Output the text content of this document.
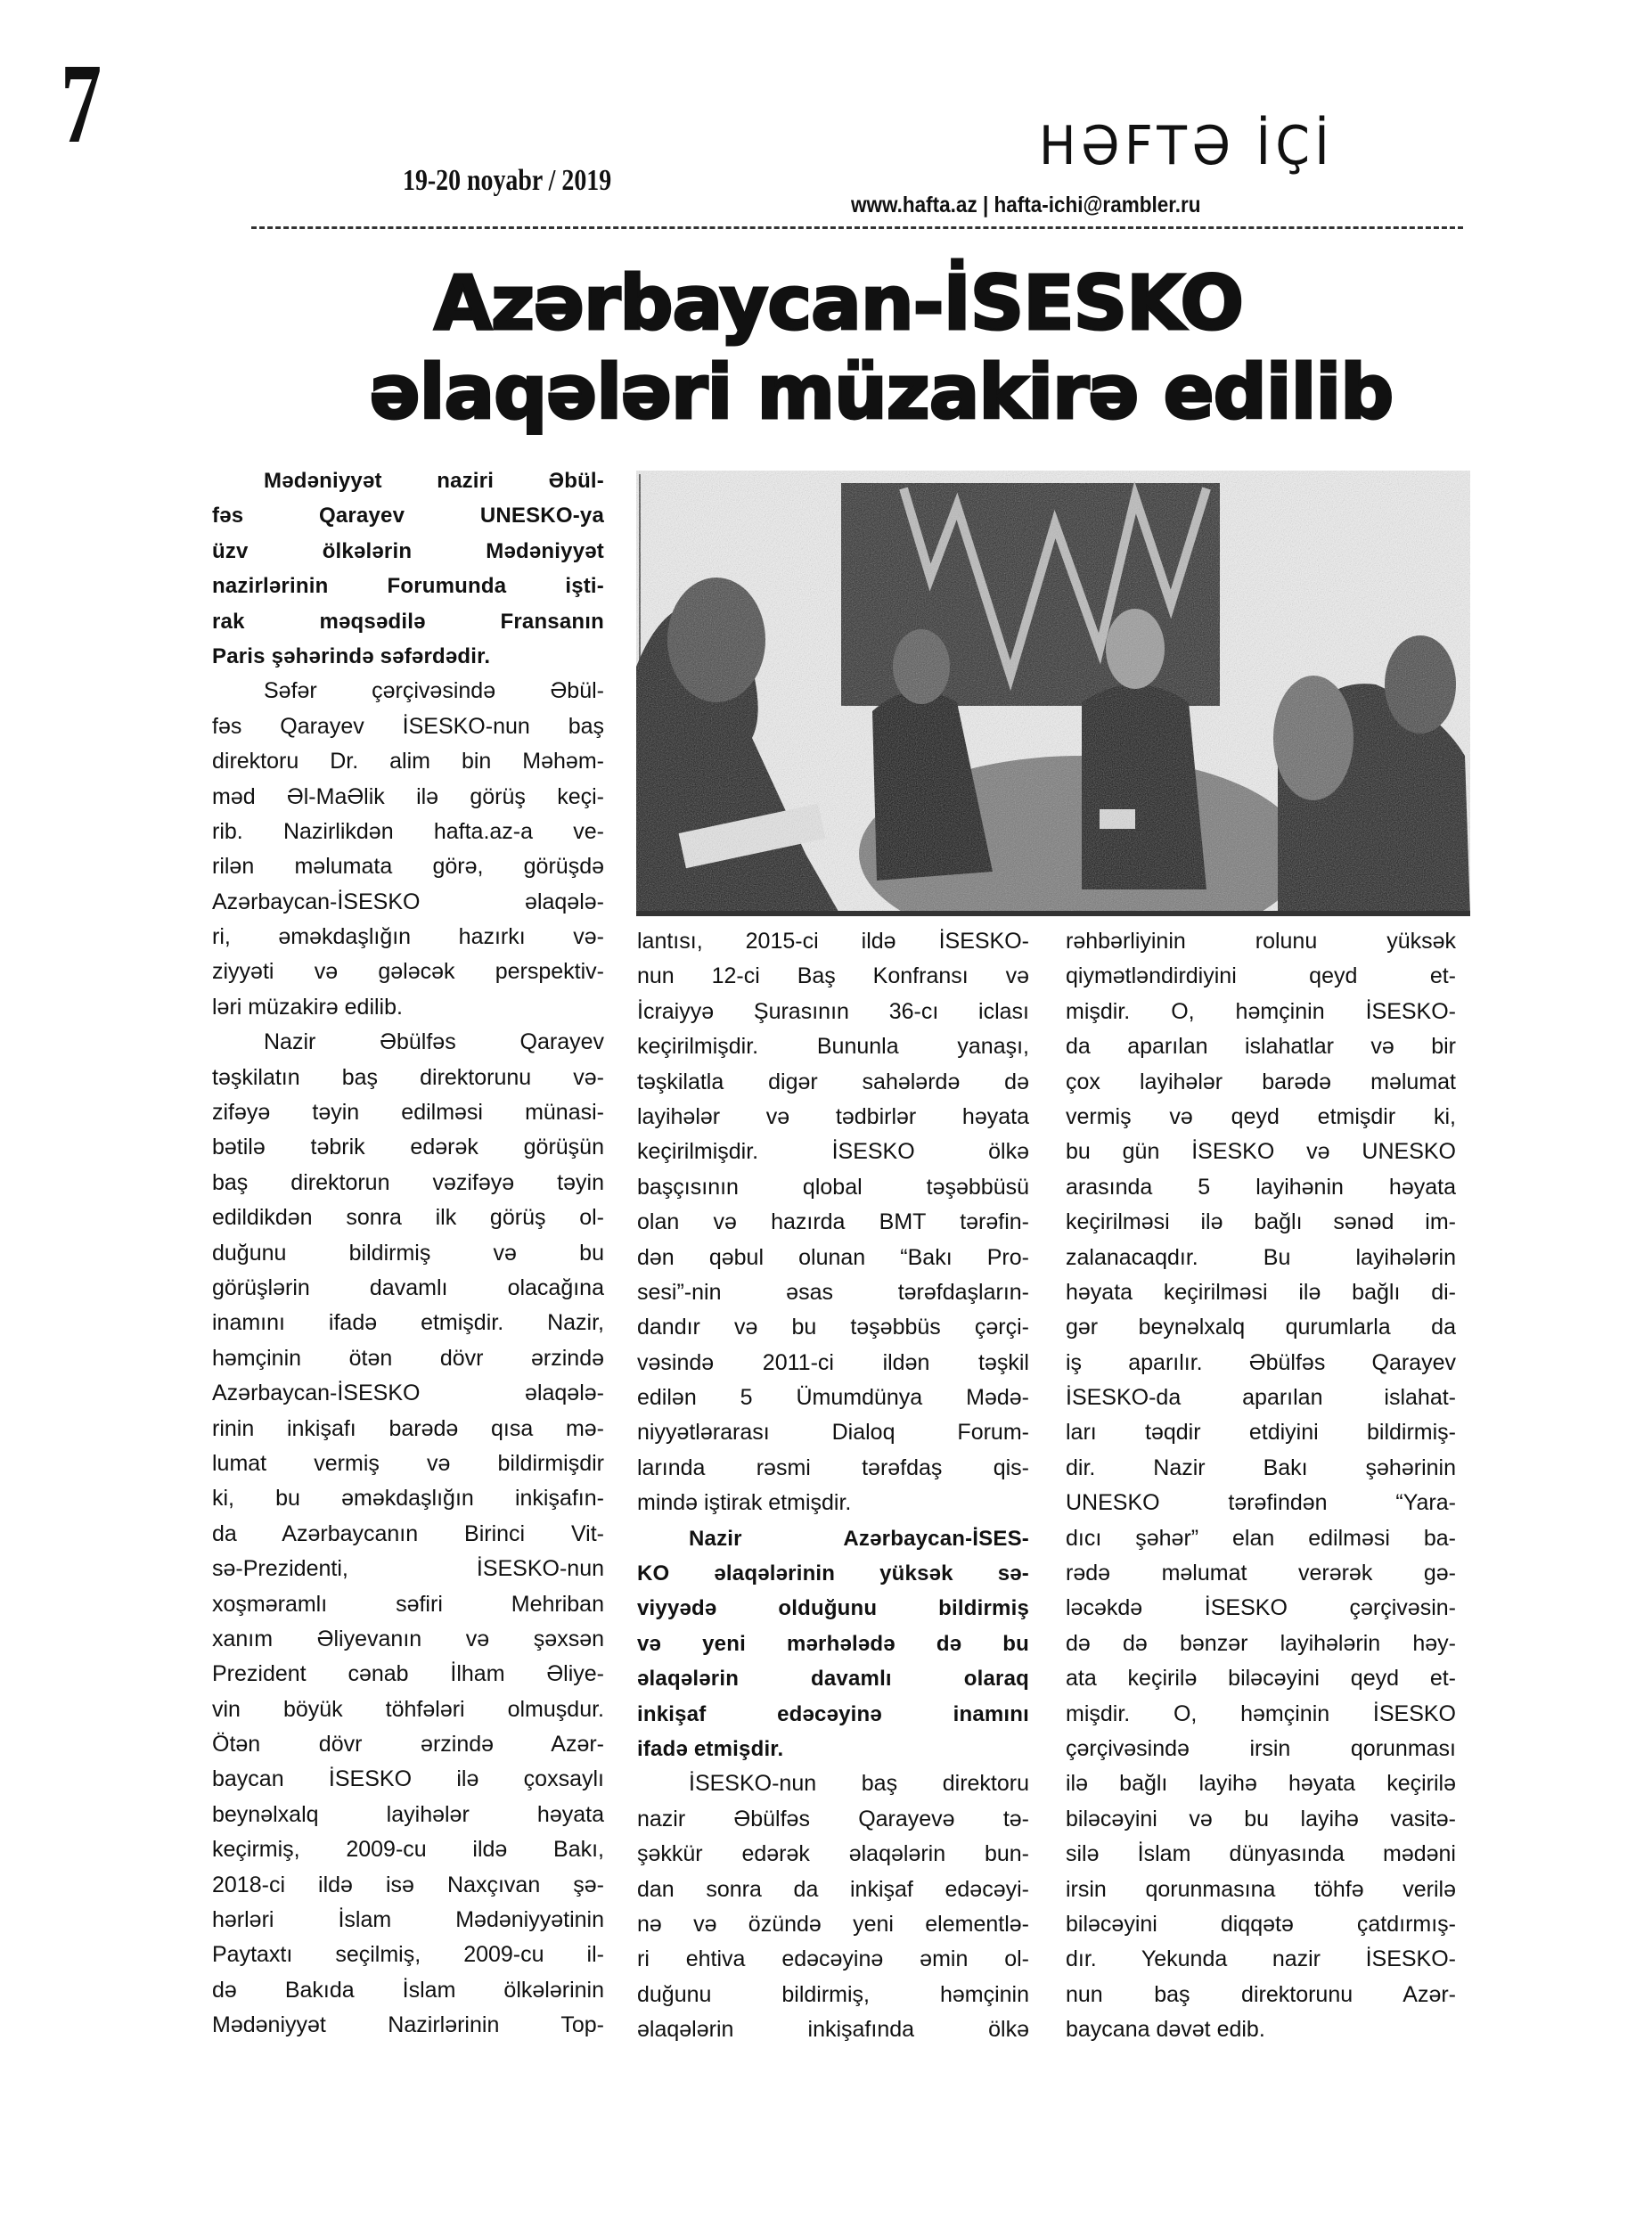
7
19-20 noyabr / 2019
HƏFTƏ İÇİ
www.hafta.az | hafta-ichi@rambler.ru
Azərbaycan-İSESKO
əlaqələri müzakirə edilib
Mədəniyyət nazirі Əbül-
fəs Qarayev UNESKO-ya
üzv ölkələrin Mədəniyyət
nazirlərinin Forumunda işti-
rak məqsədilə Fransanın
Paris şəhərində səfərdədir.
Səfər çərçivəsində Əbül-
fəs Qarayev İSESKO-nun baş
direktoru Dr. alim bin Məhəm-
məd Əl-MaƏlik ilə görüş keçi-
rib. Nazirlikdən hafta.az-a ve-
rilən məlumata görə, görüşdə
Azərbaycan-İSESKO əlaqələ-
ri, əməkdaşlığın hazırkı və-
ziyyəti və gələcək perspektiv-
ləri müzakirə edilib.
Nazir Əbülfəs Qarayev
təşkilatın baş direktorunu və-
zifəyə təyin edilməsi münasi-
bətilə təbrik edərək görüşün
baş direktorun vəzifəyə təyin
edildikdən sonra ilk görüş ol-
duğunu bildirmiş və bu
görüşlərin davamlı olacağına
inamını ifadə etmişdir. Nazir,
həmçinin ötən dövr ərzində
Azərbaycan-İSESKO əlaqələ-
rinin inkişafı barədə qısa mə-
lumat vermiş və bildirmişdir
ki, bu əməkdaşlığın inkişafın-
da Azərbaycanın Birinci Vit-
sə-Prezidenti, İSESKO-nun
xoşməramlı səfiri Mehriban
xanım Əliyevanın və şəxsən
Prezident cənab İlham Əliye-
vin böyük töhfələri olmuşdur.
Ötən dövr ərzində Azər-
baycan İSESKO ilə çoxsaylı
beynəlxalq layihələr həyata
keçirmiş, 2009-cu ildə Bakı,
2018-ci ildə isə Naxçıvan şə-
hərləri İslam Mədəniyyətinin
Paytaxtı seçilmiş, 2009-cu il-
də Bakıda İslam ölkələrinin
Mədəniyyət Nazirlərinin Top-
lantısı, 2015-ci ildə İSESKO-
nun 12-ci Baş Konfransı və
İcraiyyə Şurasının 36-cı iclası
keçirilmişdir. Bununla yanaşı,
təşkilatla digər sahələrdə də
layihələr və tədbirlər həyata
keçirilmişdir. İSESKO ölkə
başçısının qlobal təşəbbüsü
olan və hazırda BMT tərəfin-
dən qəbul olunan “Bakı Pro-
sesi”-nin əsas tərəfdaşların-
dandır və bu təşəbbüs çərçi-
vəsində 2011-ci ildən təşkil
edilən 5 Ümumdünya Mədə-
niyyətlərarası Dialoq Forum-
larında rəsmi tərəfdaş qis-
mində iştirak etmişdir.
Nazir Azərbaycan-İSES-
KO əlaqələrinin yüksək sə-
viyyədə olduğunu bildirmiş
və yeni mərhələdə də bu
əlaqələrin davamlı olaraq
inkişaf edəcəyinə inamını
ifadə etmişdir.
İSESKO-nun baş direktoru
nazir Əbülfəs Qarayevə tə-
şəkkür edərək əlaqələrin bun-
dan sonra da inkişaf edəcəyi-
nə və özündə yeni elementlə-
ri ehtiva edəcəyinə əmin ol-
duğunu bildirmiş, həmçinin
əlaqələrin inkişafında ölkə
rəhbərliyinin rolunu yüksək
qiymətləndirdiyini qeyd et-
mişdir. O, həmçinin İSESKO-
da aparılan islahatlar və bir
çox layihələr barədə məlumat
vermiş və qeyd etmişdir ki,
bu gün İSESKO və UNESKO
arasında 5 layihənin həyata
keçirilməsi ilə bağlı sənəd im-
zalanacaqdır. Bu layihələrin
həyata keçirilməsi ilə bağlı di-
gər beynəlxalq qurumlarla da
iş aparılır. Əbülfəs Qarayev
İSESKO-da aparılan islahat-
ları təqdir etdiyini bildirmiş-
dir. Nazir Bakı şəhərinin
UNESKO tərəfindən “Yara-
dıcı şəhər” elan edilməsi ba-
rədə məlumat verərək gə-
ləcəkdə İSESKO çərçivəsin-
də də bənzər layihələrin həy-
ata keçirilə biləcəyini qeyd et-
mişdir. O, həmçinin İSESKO
çərçivəsində irsin qorunması
ilə bağlı layihə həyata keçirilə
biləcəyini və bu layihə vasitə-
silə İslam dünyasında mədəni
irsin qorunmasına töhfə verilə
biləcəyini diqqətə çatdırmış-
dır. Yekunda nazir İSESKO-
nun baş direktorunu Azər-
baycana dəvət edib.
